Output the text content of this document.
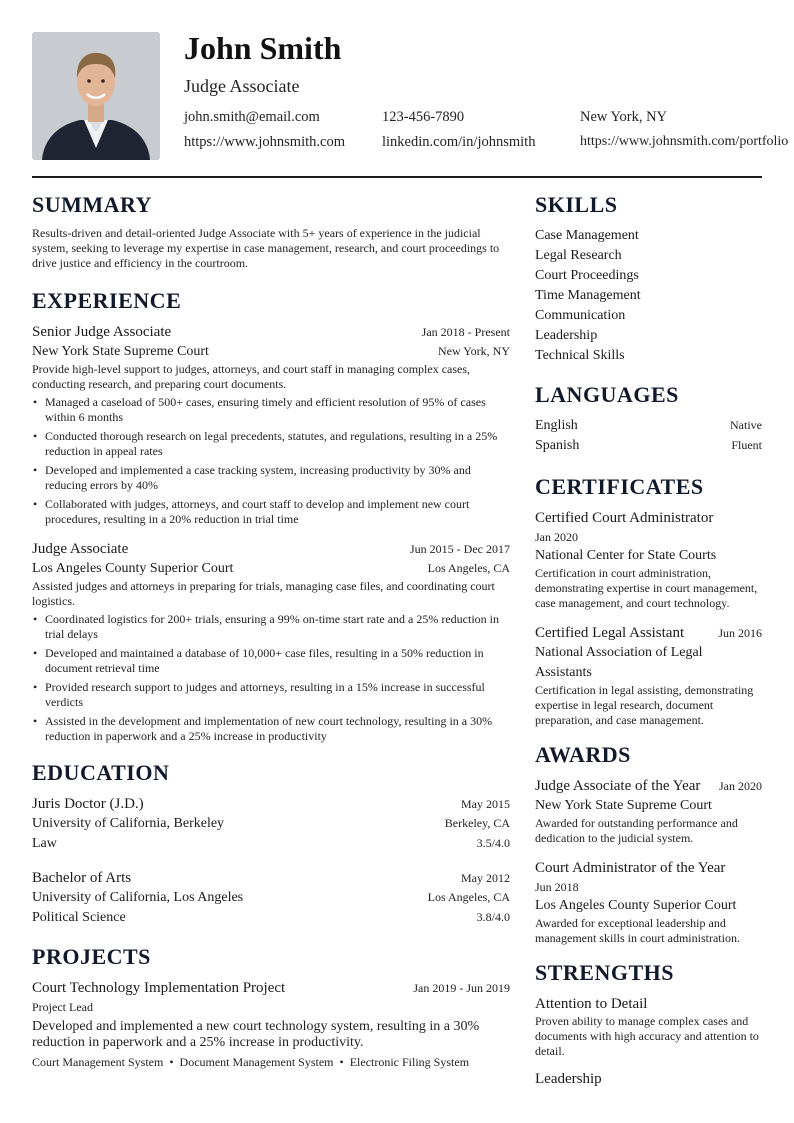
John Smith
Judge Associate
john.smith@email.com	123-456-7890	New York, NY
https://www.johnsmith.com	linkedin.com/in/johnsmith	https://www.johnsmith.com/portfolio
SUMMARY

Results-driven and detail-oriented Judge Associate with 5+ years of experience in the judicial system, seeking to leverage my expertise in case management, research, and court proceedings to drive justice and efficiency in the courtroom.

EXPERIENCE
Senior Judge Associate	Jan 2018 - Present
New York State Supreme Court	New York, NY

Provide high-level support to judges, attorneys, and court staff in managing complex cases, conducting research, and preparing court documents.

• Managed a caseload of 500+ cases, ensuring timely and efficient resolution of 95% of cases within 6 months
• Conducted thorough research on legal precedents, statutes, and regulations, resulting in a 25% reduction in appeal rates
• Developed and implemented a case tracking system, increasing productivity by 30% and reducing errors by 40%
• Collaborated with judges, attorneys, and court staff to develop and implement new court procedures, resulting in a 20% reduction in trial time
Judge Associate	Jun 2015 - Dec 2017
Los Angeles County Superior Court	Los Angeles, CA

Assisted judges and attorneys in preparing for trials, managing case files, and coordinating court logistics.

• Coordinated logistics for 200+ trials, ensuring a 99% on-time start rate and a 25% reduction in trial delays
• Developed and maintained a database of 10,000+ case files, resulting in a 50% reduction in document retrieval time
• Provided research support to judges and attorneys, resulting in a 15% increase in successful verdicts
• Assisted in the development and implementation of new court technology, resulting in a 30% reduction in paperwork and a 25% increase in productivity
EDUCATION
Juris Doctor (J.D.)	May 2015
University of California, Berkeley	Berkeley, CA
Law	3.5/4.0
Bachelor of Arts	May 2012
University of California, Los Angeles	Los Angeles, CA
Political Science	3.8/4.0
PROJECTS
Court Technology Implementation Project	Jan 2019 - Jun 2019
Project Lead

Developed and implemented a new court technology system, resulting in a 30% reduction in paperwork and a 25% increase in productivity.

Court Management System • Document Management System • Electronic Filing System
SKILLS
Case Management
Legal Research
Court Proceedings
Time Management
Communication
Leadership
Technical Skills
LANGUAGES
English	Native
Spanish	Fluent
CERTIFICATES
Certified Court Administrator
Jan 2020
National Center for State Courts

Certification in court administration, demonstrating expertise in court management, case management, and court technology.

Certified Legal Assistant	Jun 2016
National Association of Legal Assistants

Certification in legal assisting, demonstrating expertise in legal research, document preparation, and case management.

AWARDS
Judge Associate of the Year Jan 2020
New York State Supreme Court

Awarded for outstanding performance and dedication to the judicial system.

Court Administrator of the Year
Jun 2018
Los Angeles County Superior Court

Awarded for exceptional leadership and management skills in court administration.

STRENGTHS
Attention to Detail

Proven ability to manage complex cases and documents with high accuracy and attention to detail.

Leadership
